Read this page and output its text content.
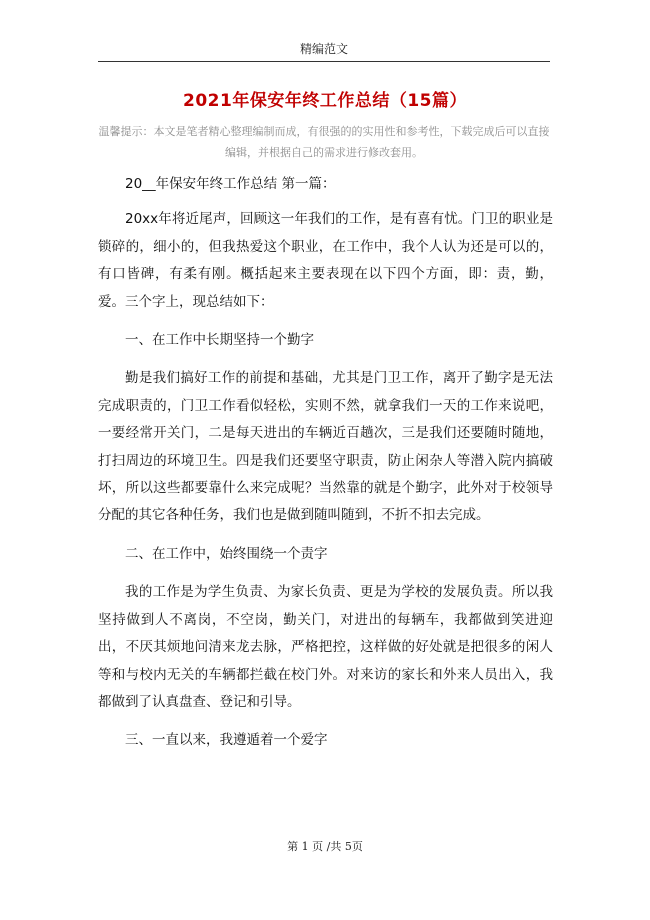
精编范文
2021年保安年终工作总结（15篇）
温馨提示：本文是笔者精心整理编制而成，有很强的的实用性和参考性，下载完成后可以直接
编辑，并根据自己的需求进行修改套用。

20__年保安年终工作总结 第一篇：

20xx年将近尾声，回顾这一年我们的工作，是有喜有忧。门卫的职业是锁碎的，细小的，但我热爱这个职业，在工作中，我个人认为还是可以的，有口皆碑，有柔有刚。概括起来主要表现在以下四个方面，即：责，勤，爱。三个字上，现总结如下：

一、在工作中长期坚持一个勤字

勤是我们搞好工作的前提和基础，尤其是门卫工作，离开了勤字是无法完成职责的，门卫工作看似轻松，实则不然，就拿我们一天的工作来说吧，一要经常开关门，二是每天进出的车辆近百趟次，三是我们还要随时随地，打扫周边的环境卫生。四是我们还要坚守职责，防止闲杂人等潜入院内搞破坏，所以这些都要靠什么来完成呢？当然靠的就是个勤字，此外对于校领导分配的其它各种任务，我们也是做到随叫随到，不折不扣去完成。

二、在工作中，始终围绕一个责字

我的工作是为学生负责、为家长负责、更是为学校的发展负责。所以我坚持做到人不离岗，不空岗，勤关门，对进出的每辆车，我都做到笑进迎出，不厌其烦地问清来龙去脉，严格把控，这样做的好处就是把很多的闲人等和与校内无关的车辆都拦截在校门外。对来访的家长和外来人员出入，我都做到了认真盘查、登记和引导。

三、一直以来，我遵遁着一个爱字

第 1 页 /共 5页
